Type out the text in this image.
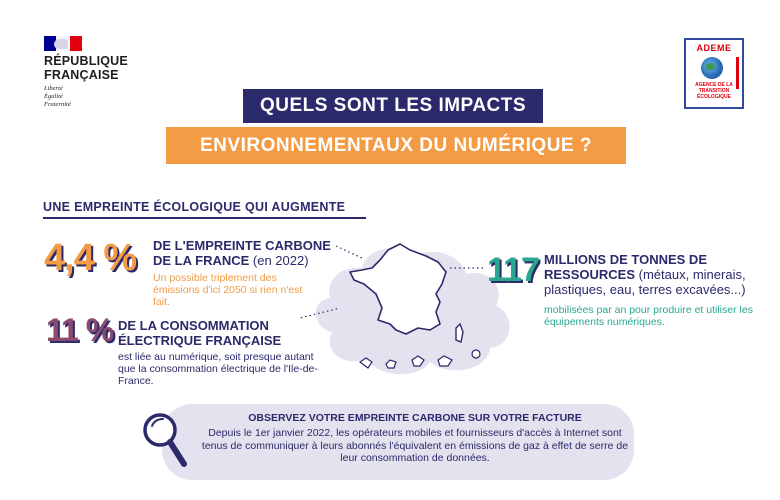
RÉPUBLIQUE
FRANÇAISE
Liberté
Égalité
Fraternité
ADEME
AGENCE DE LA
TRANSITION
ÉCOLOGIQUE
QUELS SONT LES IMPACTS
ENVIRONNEMENTAUX DU NUMÉRIQUE ?
UNE EMPREINTE ÉCOLOGIQUE QUI AUGMENTE
4,4 % DE L'EMPREINTE CARBONE DE LA FRANCE (en 2022)
Un possible triplement des émissions d'ici 2050 si rien n'est fait.
11 % DE LA CONSOMMATION ÉLECTRIQUE FRANÇAISE
est liée au numérique, soit presque autant que la consommation électrique de l'Ile-de-France.
117 MILLIONS DE TONNES DE RESSOURCES (métaux, minerais, plastiques, eau, terres excavées...)
mobilisées par an pour produire et utiliser les équipements numériques.
OBSERVEZ VOTRE EMPREINTE CARBONE SUR VOTRE FACTURE
Depuis le 1er janvier 2022, les opérateurs mobiles et fournisseurs d'accès à Internet sont tenus de communiquer à leurs abonnés l'équivalent en émissions de gaz à effet de serre de leur consommation de données.
